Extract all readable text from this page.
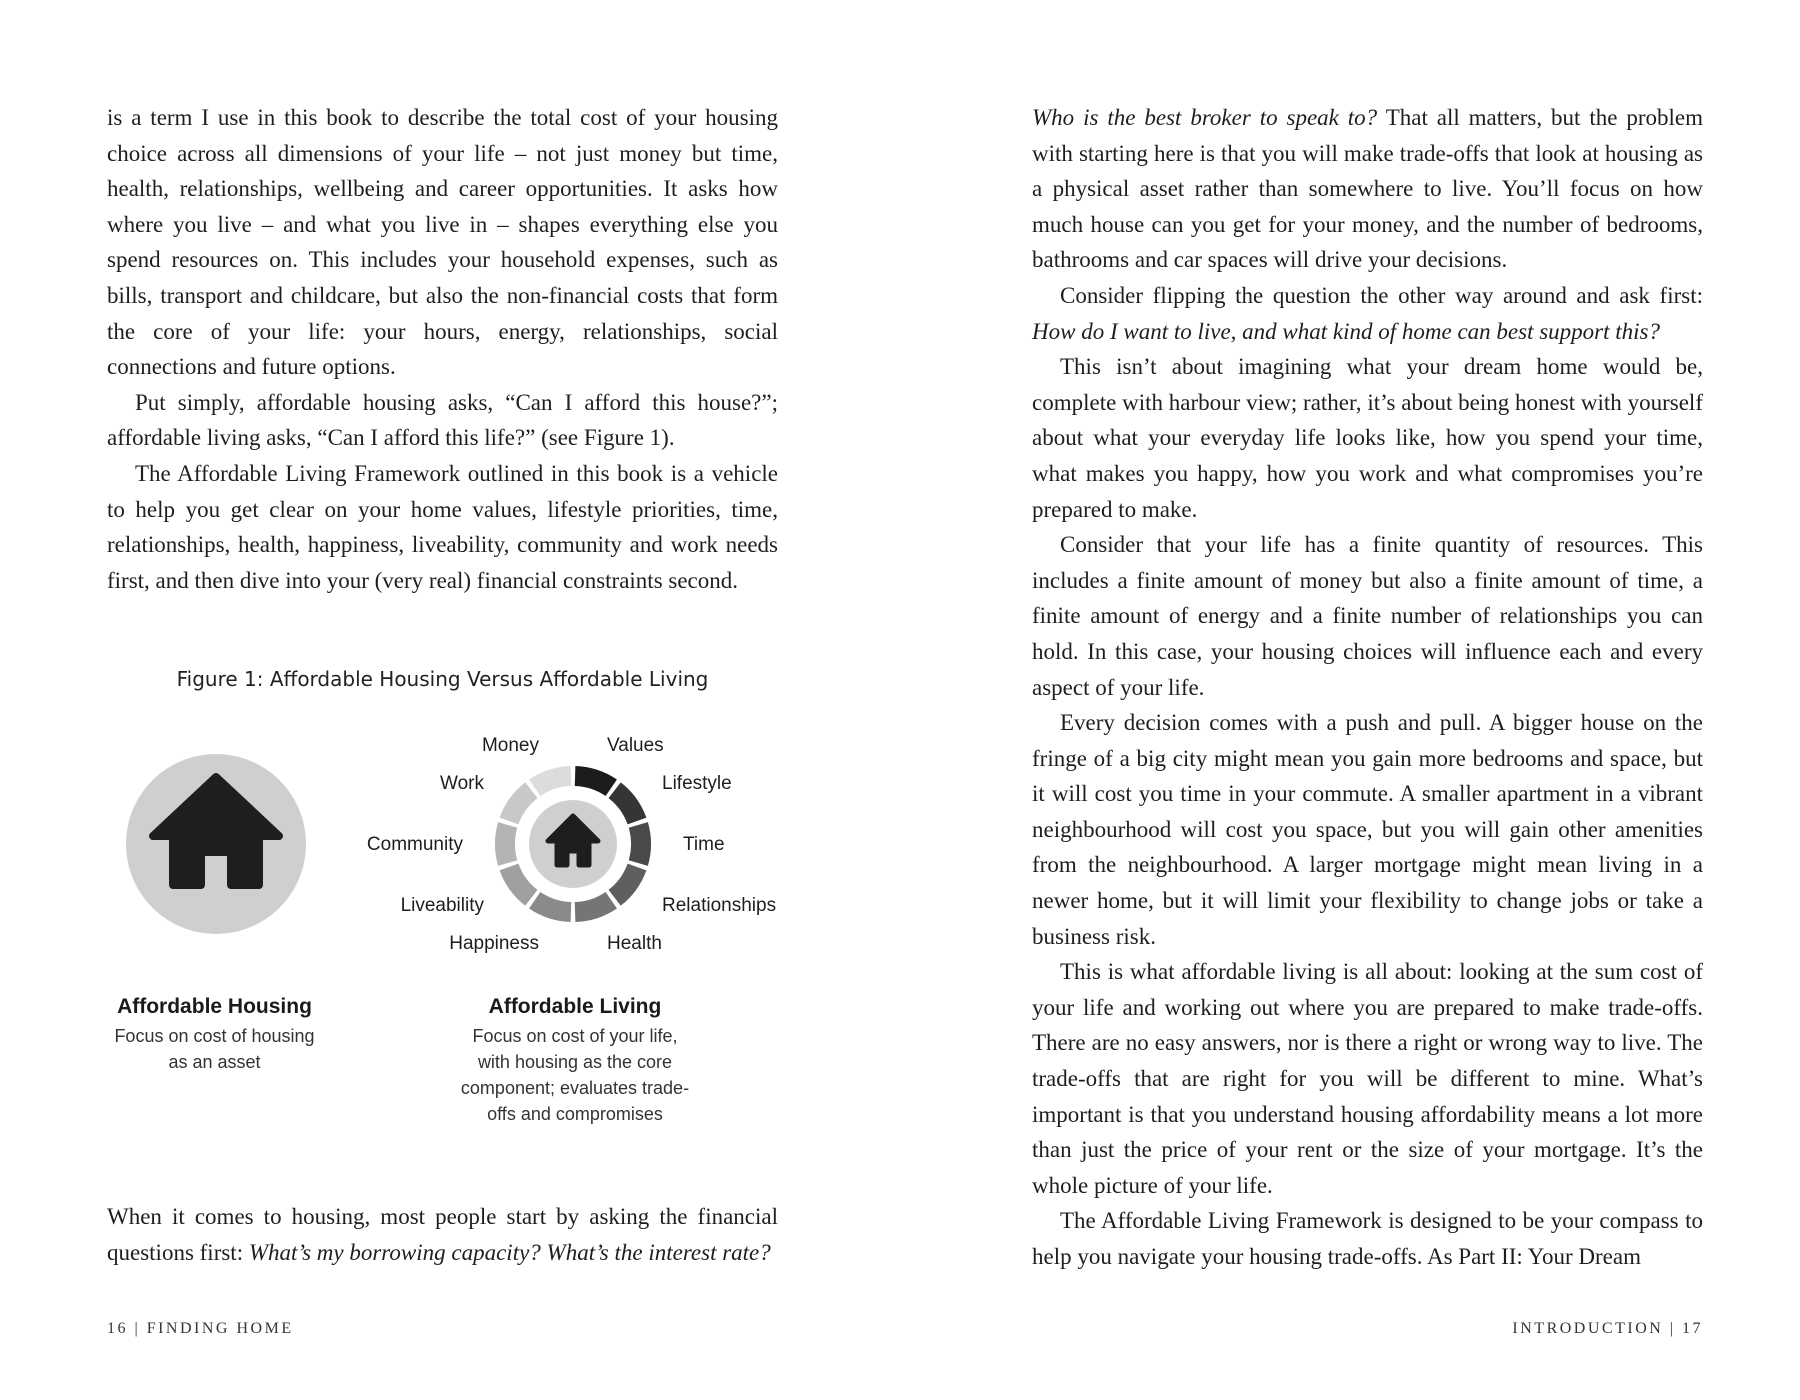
is a term I use in this book to describe the total cost of your housing choice across all dimensions of your life – not just money but time, health, relationships, wellbeing and career opportunities. It asks how where you live – and what you live in – shapes everything else you spend resources on. This includes your household expenses, such as bills, transport and childcare, but also the non-financial costs that form the core of your life: your hours, energy, relationships, social connections and future options.

Put simply, affordable housing asks, “Can I afford this house?”; affordable living asks, “Can I afford this life?” (see Figure 1).

The Affordable Living Framework outlined in this book is a vehicle to help you get clear on your home values, lifestyle priorities, time, relationships, health, happiness, liveability, community and work needs first, and then dive into your (very real) financial constraints second.

Figure 1: Affordable Housing Versus Affordable Living
Values
Lifestyle
Time
Relationships
Health
Happiness
Liveability
Community
Work
Money
Affordable Housing
Focus on cost of housing as an asset
Affordable Living
Focus on cost of your life, with housing as the core component; evaluates trade-offs and compromises

When it comes to housing, most people start by asking the financial questions first: What’s my borrowing capacity? What’s the interest rate?

16 | FINDING HOME

Who is the best broker to speak to? That all matters, but the problem with starting here is that you will make trade-offs that look at housing as a physical asset rather than somewhere to live. You’ll focus on how much house can you get for your money, and the number of bedrooms, bathrooms and car spaces will drive your decisions.

Consider flipping the question the other way around and ask first: How do I want to live, and what kind of home can best support this?

This isn’t about imagining what your dream home would be, complete with harbour view; rather, it’s about being honest with yourself about what your everyday life looks like, how you spend your time, what makes you happy, how you work and what compromises you’re prepared to make.

Consider that your life has a finite quantity of resources. This includes a finite amount of money but also a finite amount of time, a finite amount of energy and a finite number of relationships you can hold. In this case, your housing choices will influence each and every aspect of your life.

Every decision comes with a push and pull. A bigger house on the fringe of a big city might mean you gain more bedrooms and space, but it will cost you time in your commute. A smaller apartment in a vibrant neighbourhood will cost you space, but you will gain other amenities from the neighbourhood. A larger mortgage might mean living in a newer home, but it will limit your flexibility to change jobs or take a business risk.

This is what affordable living is all about: looking at the sum cost of your life and working out where you are prepared to make trade-offs. There are no easy answers, nor is there a right or wrong way to live. The trade-offs that are right for you will be different to mine. What’s important is that you understand housing affordability means a lot more than just the price of your rent or the size of your mortgage. It’s the whole picture of your life.

The Affordable Living Framework is designed to be your compass to help you navigate your housing trade-offs. As Part II: Your Dream

INTRODUCTION | 17
